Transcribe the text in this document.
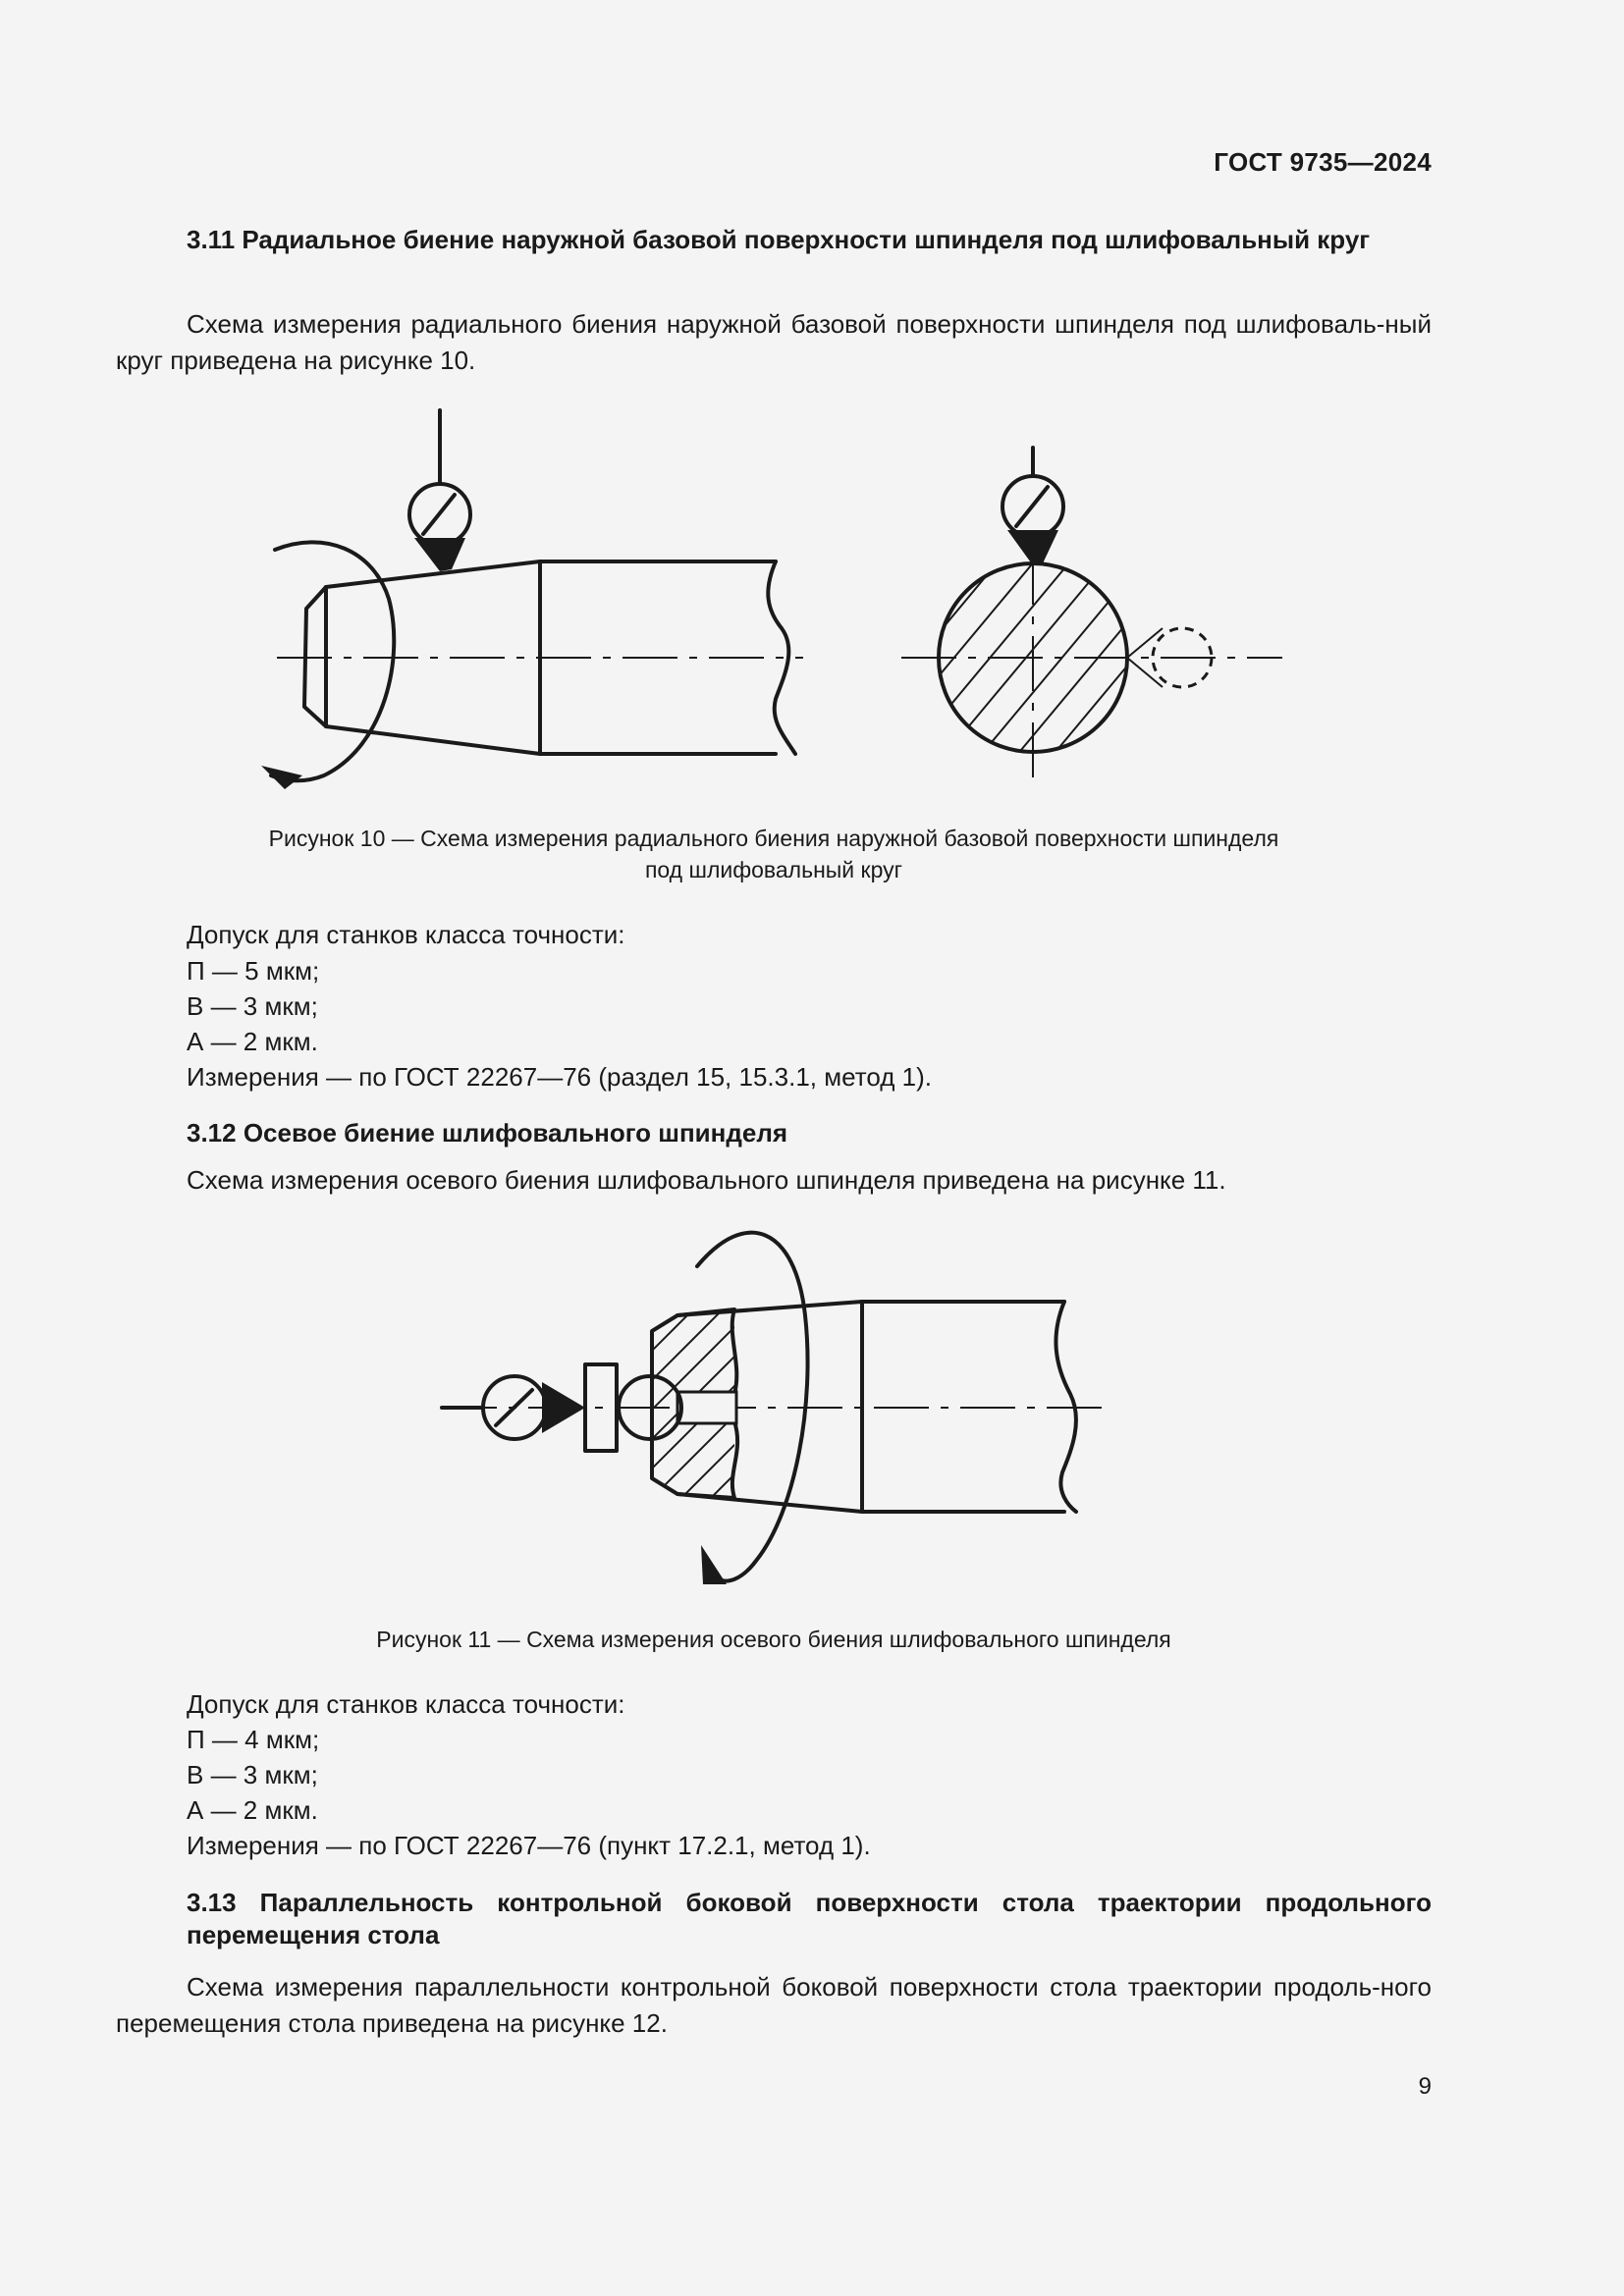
ГОСТ 9735—2024
3.11 Радиальное биение наружной базовой поверхности шпинделя под шлифовальный круг
Схема измерения радиального биения наружной базовой поверхности шпинделя под шлифоваль-ный круг приведена на рисунке 10.
Рисунок 10 — Схема измерения радиального биения наружной базовой поверхности шпинделя
под шлифовальный круг
Допуск для станков класса точности:
П — 5 мкм;
В — 3 мкм;
А — 2 мкм.
Измерения — по ГОСТ 22267—76 (раздел 15, 15.3.1, метод 1).
3.12 Осевое биение шлифовального шпинделя
Схема измерения осевого биения шлифовального шпинделя приведена на рисунке 11.
Рисунок 11 — Схема измерения осевого биения шлифовального шпинделя
Допуск для станков класса точности:
П — 4 мкм;
В — 3 мкм;
А — 2 мкм.
Измерения — по ГОСТ 22267—76 (пункт 17.2.1, метод 1).
3.13 Параллельность контрольной боковой поверхности стола траектории продольного перемещения стола
Схема измерения параллельности контрольной боковой поверхности стола траектории продоль-ного перемещения стола приведена на рисунке 12.
9
